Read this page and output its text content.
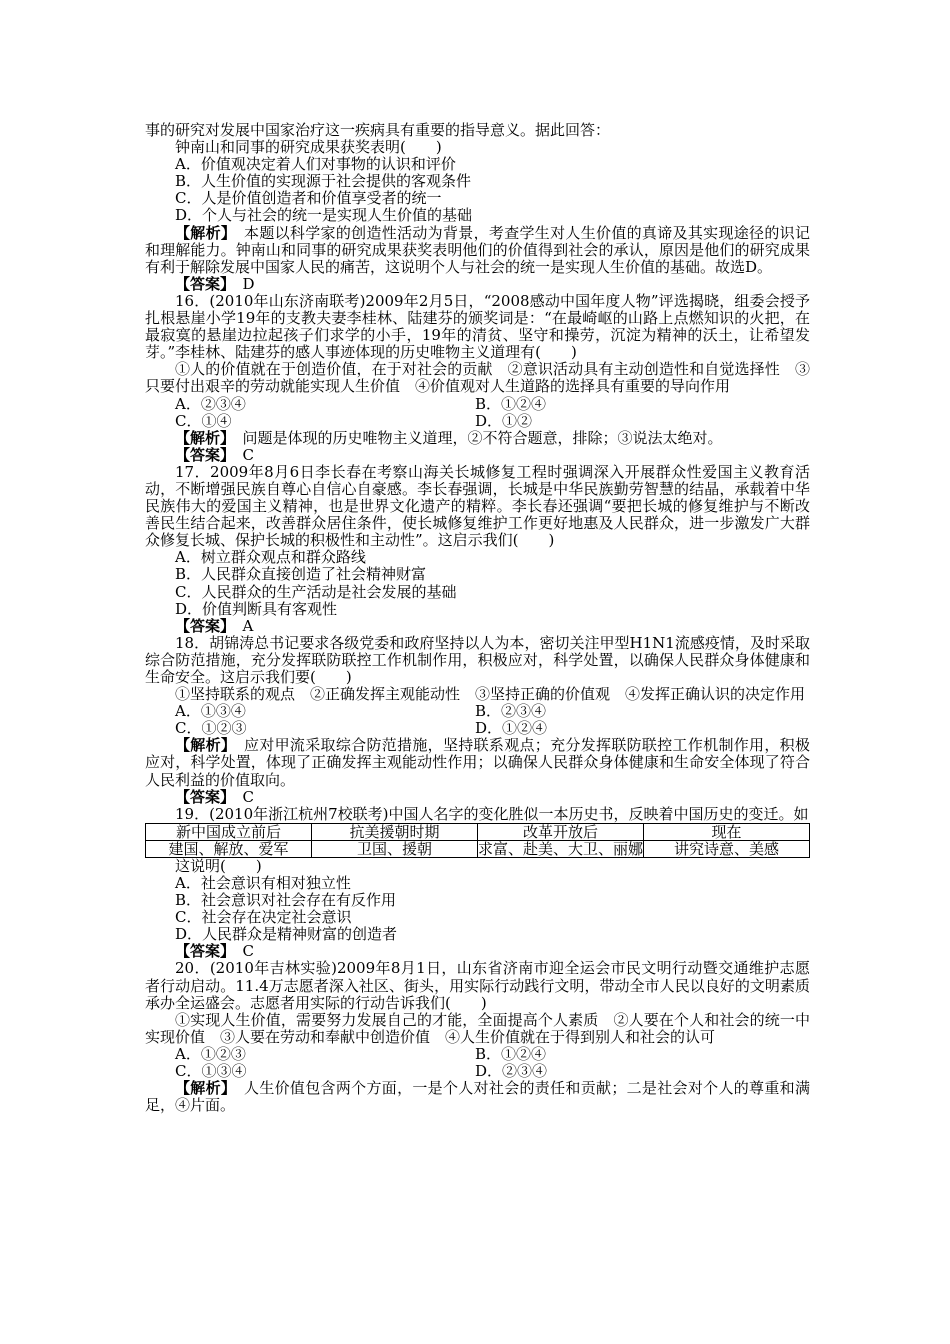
事的研究对发展中国家治疗这一疾病具有重要的指导意义。据此回答：

钟南山和同事的研究成果获奖表明(　　)

A．价值观决定着人们对事物的认识和评价

B．人生价值的实现源于社会提供的客观条件

C．人是价值创造者和价值享受者的统一

D．个人与社会的统一是实现人生价值的基础

【解析】　本题以科学家的创造性活动为背景，考查学生对人生价值的真谛及其实现途径的识记和理解能力。钟南山和同事的研究成果获奖表明他们的价值得到社会的承认，原因是他们的研究成果有利于解除发展中国家人民的痛苦，这说明个人与社会的统一是实现人生价值的基础。故选D。

【答案】　D

16．(2010年山东济南联考)2009年2月5日，“2008感动中国年度人物”评选揭晓，组委会授予扎根悬崖小学19年的支教夫妻李桂林、陆建芬的颁奖词是：“在最崎岖的山路上点燃知识的火把，在最寂寞的悬崖边拉起孩子们求学的小手，19年的清贫、坚守和操劳，沉淀为精神的沃土，让希望发芽。”李桂林、陆建芬的感人事迹体现的历史唯物主义道理有(　　)

①人的价值就在于创造价值，在于对社会的贡献　②意识活动具有主动创造性和自觉选择性　③只要付出艰辛的劳动就能实现人生价值　④价值观对人生道路的选择具有重要的导向作用

A．②③④	B．①②④
C．①④	D．①②

【解析】　问题是体现的历史唯物主义道理，②不符合题意，排除；③说法太绝对。

【答案】　C

17．2009年8月6日李长春在考察山海关长城修复工程时强调深入开展群众性爱国主义教育活动，不断增强民族自尊心自信心自豪感。李长春强调，长城是中华民族勤劳智慧的结晶，承载着中华民族伟大的爱国主义精神，也是世界文化遗产的精粹。李长春还强调“要把长城的修复维护与不断改善民生结合起来，改善群众居住条件，使长城修复维护工作更好地惠及人民群众，进一步激发广大群众修复长城、保护长城的积极性和主动性”。这启示我们(　　)

A．树立群众观点和群众路线

B．人民群众直接创造了社会精神财富

C．人民群众的生产活动是社会发展的基础

D．价值判断具有客观性

【答案】　A

18．胡锦涛总书记要求各级党委和政府坚持以人为本，密切关注甲型H1N1流感疫情，及时采取综合防范措施，充分发挥联防联控工作机制作用，积极应对，科学处置，以确保人民群众身体健康和生命安全。这启示我们要(　　)

①坚持联系的观点　②正确发挥主观能动性　③坚持正确的价值观　④发挥正确认识的决定作用

A．①③④	B．②③④
C．①②③	D．①②④

【解析】　应对甲流采取综合防范措施，坚持联系观点；充分发挥联防联控工作机制作用，积极应对，科学处置，体现了正确发挥主观能动性作用；以确保人民群众身体健康和生命安全体现了符合人民利益的价值取向。

【答案】　C

19．(2010年浙江杭州7校联考)中国人名字的变化胜似一本历史书，反映着中国历史的变迁。如

新中国成立前后	抗美援朝时期	改革开放后	现在
建国、解放、爱军	卫国、援朝	求富、赴美、大卫、丽娜	讲究诗意、美感

这说明(　　)

A．社会意识有相对独立性

B．社会意识对社会存在有反作用

C．社会存在决定社会意识

D．人民群众是精神财富的创造者

【答案】　C

20．(2010年吉林实验)2009年8月1日，山东省济南市迎全运会市民文明行动暨交通维护志愿者行动启动。11.4万志愿者深入社区、街头，用实际行动践行文明，带动全市人民以良好的文明素质承办全运盛会。志愿者用实际的行动告诉我们(　　)

①实现人生价值，需要努力发展自己的才能，全面提高个人素质　②人要在个人和社会的统一中实现价值　③人要在劳动和奉献中创造价值　④人生价值就在于得到别人和社会的认可

A．①②③	B．①②④
C．①③④	D．②③④

【解析】　人生价值包含两个方面，一是个人对社会的责任和贡献；二是社会对个人的尊重和满足，④片面。
